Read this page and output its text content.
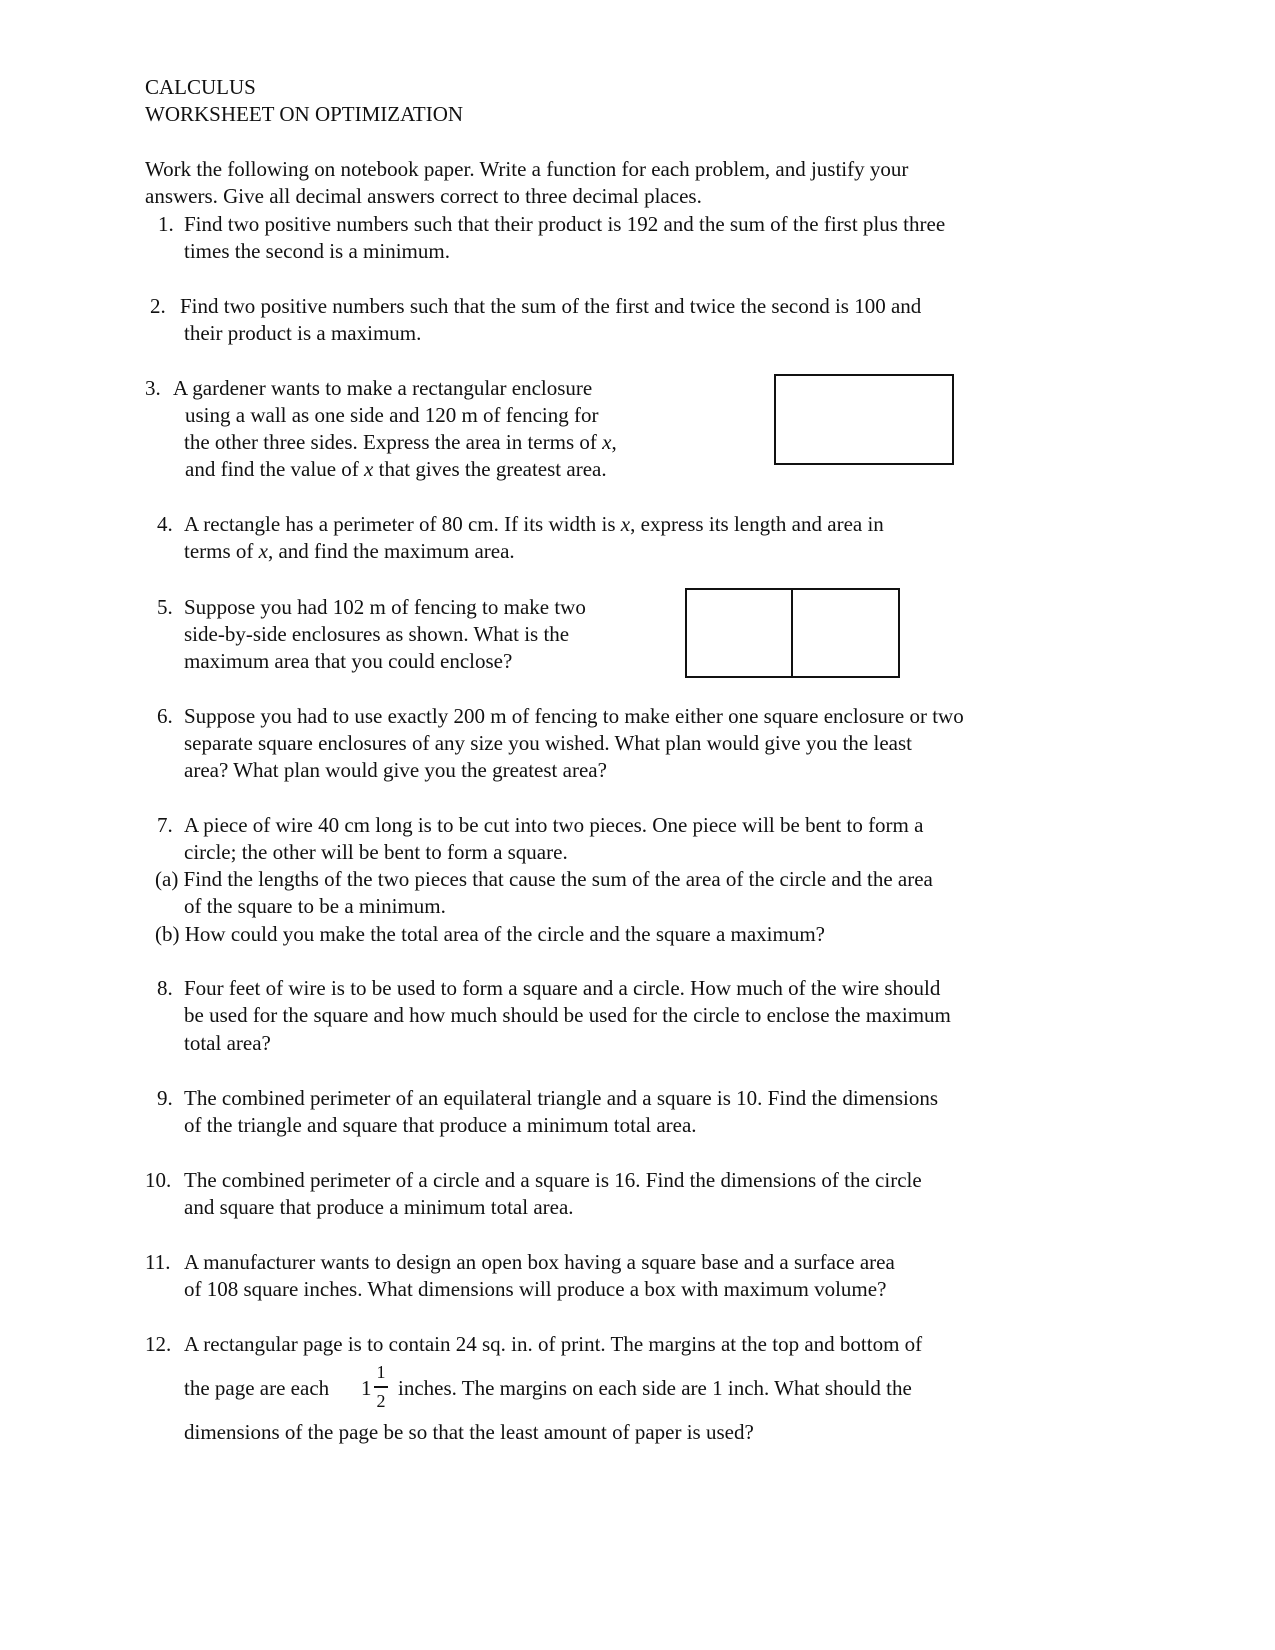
CALCULUS
WORKSHEET ON OPTIMIZATION
Work the following on notebook paper. Write a function for each problem, and justify your
answers. Give all decimal answers correct to three decimal places.
1. Find two positive numbers such that their product is 192 and the sum of the first plus three
times the second is a minimum.
2. Find two positive numbers such that the sum of the first and twice the second is 100 and
their product is a maximum.
3. A gardener wants to make a rectangular enclosure
using a wall as one side and 120 m of fencing for
the other three sides. Express the area in terms of x,
and find the value of x that gives the greatest area.
4. A rectangle has a perimeter of 80 cm. If its width is x, express its length and area in
terms of x, and find the maximum area.
5. Suppose you had 102 m of fencing to make two
side-by-side enclosures as shown. What is the
maximum area that you could enclose?
6. Suppose you had to use exactly 200 m of fencing to make either one square enclosure or two
separate square enclosures of any size you wished. What plan would give you the least
area? What plan would give you the greatest area?
7. A piece of wire 40 cm long is to be cut into two pieces. One piece will be bent to form a
circle; the other will be bent to form a square.
(a) Find the lengths of the two pieces that cause the sum of the area of the circle and the area
of the square to be a minimum.
(b) How could you make the total area of the circle and the square a maximum?
8. Four feet of wire is to be used to form a square and a circle. How much of the wire should
be used for the square and how much should be used for the circle to enclose the maximum
total area?
9. The combined perimeter of an equilateral triangle and a square is 10. Find the dimensions
of the triangle and square that produce a minimum total area.
10. The combined perimeter of a circle and a square is 16. Find the dimensions of the circle
and square that produce a minimum total area.
11. A manufacturer wants to design an open box having a square base and a surface area
of 108 square inches. What dimensions will produce a box with maximum volume?
12. A rectangular page is to contain 24 sq. in. of print. The margins at the top and bottom of
the page are each 1
1
2
inches. The margins on each side are 1 inch. What should the
dimensions of the page be so that the least amount of paper is used?
